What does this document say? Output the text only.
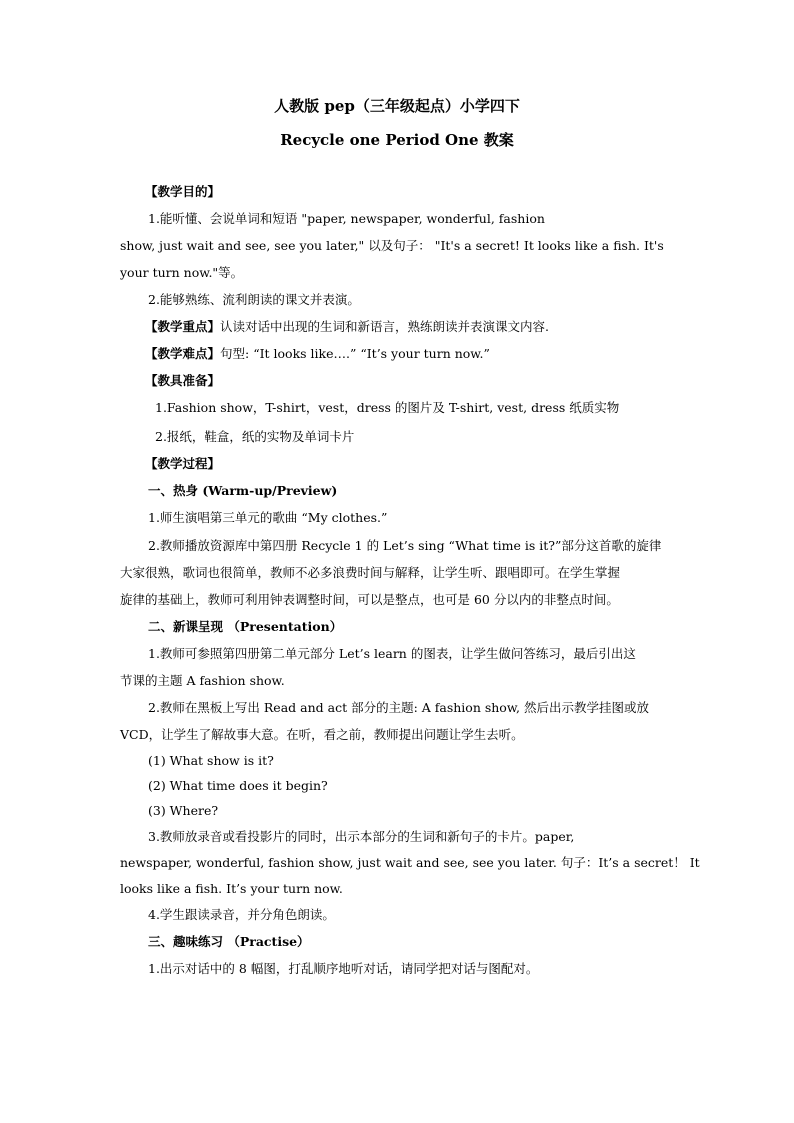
人教版 pep（三年级起点）小学四下
Recycle one Period One 教案
【教学目的】
1.能听懂、会说单词和短语 "paper, newspaper, wonderful, fashion
show, just wait and see, see you later," 以及句子： "It's a secret! It looks like a fish. It's
your turn now."等。
2.能够熟练、流利朗读的课文并表演。
【教学重点】认读对话中出现的生词和新语言，熟练朗读并表演课文内容.
【教学难点】句型: “It looks like….” “It’s your turn now.”
【教具准备】
1.Fashion show，T-shirt，vest，dress 的图片及 T-shirt, vest, dress 纸质实物
2.报纸，鞋盒，纸的实物及单词卡片
【教学过程】
一、热身 (Warm-up/Preview)
1.师生演唱第三单元的歌曲 “My clothes.”
2.教师播放资源库中第四册 Recycle 1 的 Let’s sing “What time is it?”部分这首歌的旋律
大家很熟，歌词也很简单，教师不必多浪费时间与解释，让学生听、跟唱即可。在学生掌握
旋律的基础上，教师可利用钟表调整时间，可以是整点，也可是 60 分以内的非整点时间。
二、新课呈现 （Presentation）
1.教师可参照第四册第二单元部分 Let’s learn 的图表，让学生做问答练习，最后引出这
节课的主题 A fashion show.
2.教师在黑板上写出 Read and act 部分的主题: A fashion show, 然后出示教学挂图或放
VCD，让学生了解故事大意。在听，看之前，教师提出问题让学生去听。
(1) What show is it?
(2) What time does it begin?
(3) Where?
3.教师放录音或看投影片的同时，出示本部分的生词和新句子的卡片。paper,
newspaper, wonderful, fashion show, just wait and see, see you later. 句子：It’s a secret！ It
looks like a fish. It’s your turn now.
4.学生跟读录音，并分角色朗读。
三、趣味练习 （Practise）
1.出示对话中的 8 幅图，打乱顺序地听对话，请同学把对话与图配对。
